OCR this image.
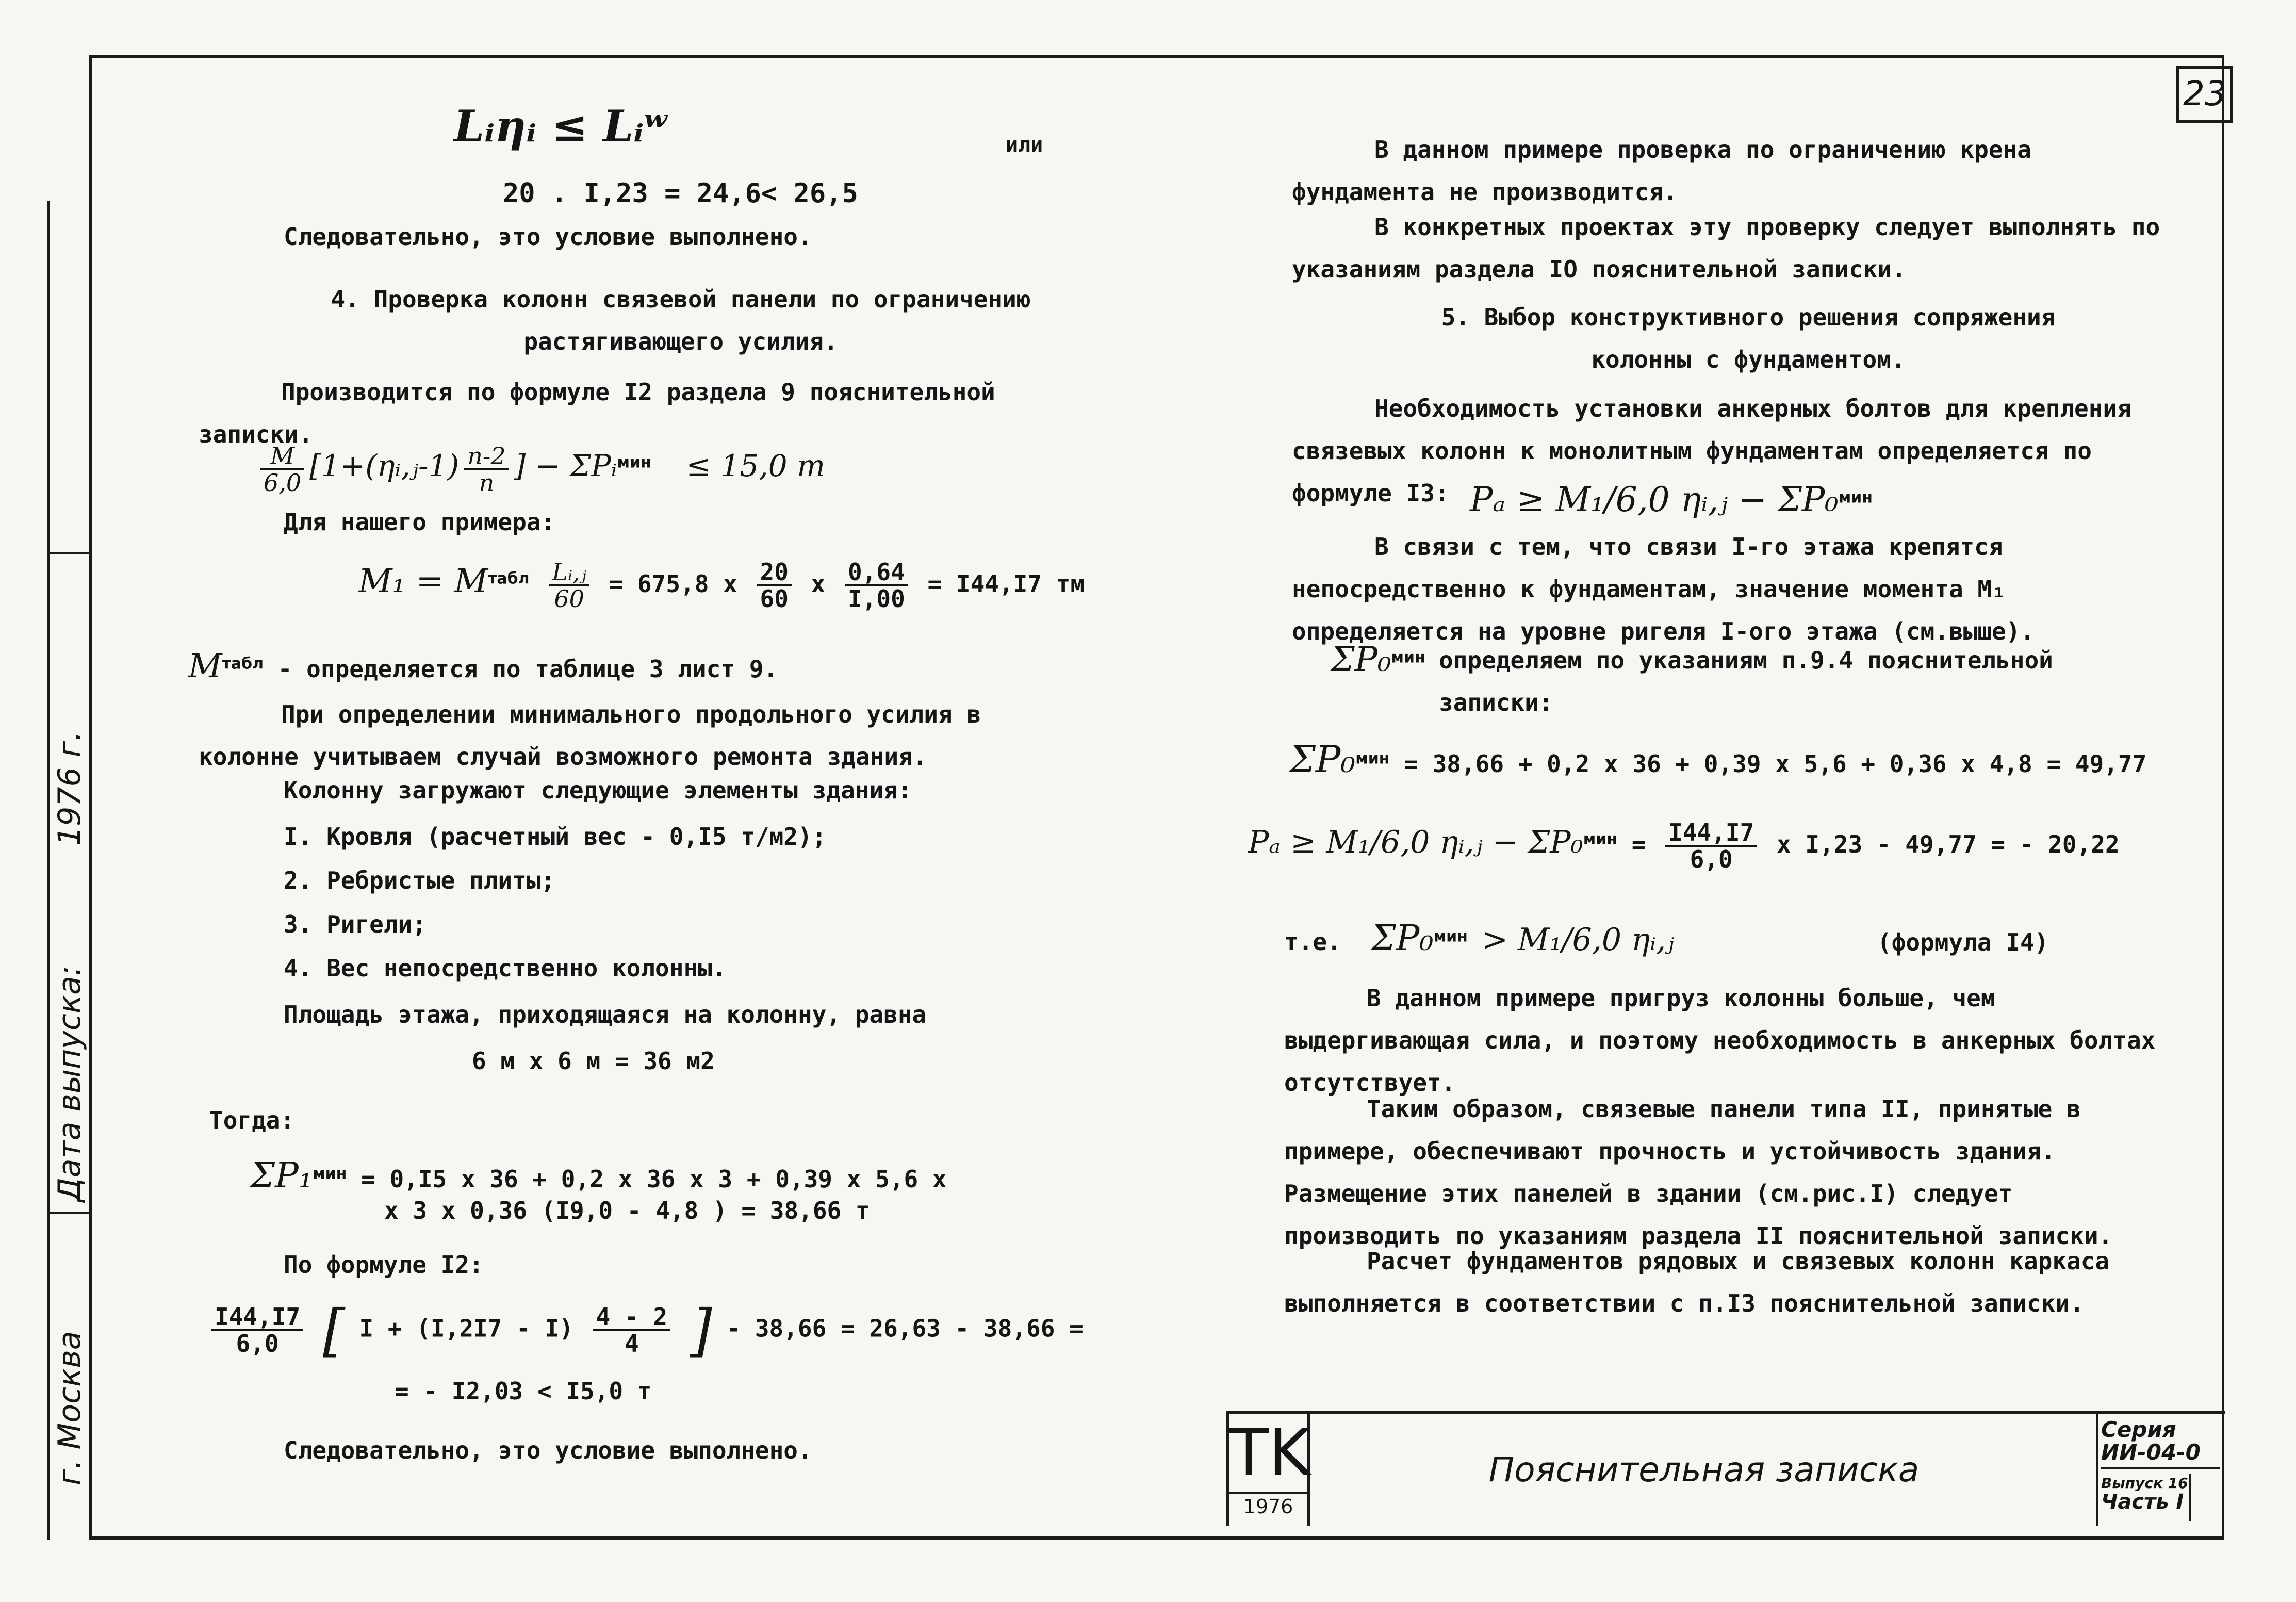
Дата выпуска:
1976 г.
г. Москва
23
Lᵢηᵢ ≤ Lᵢʷ	или
20 . I,23 = 24,6< 26,5
Следовательно, это условие выполнено.
4. Проверка колонн связевой панели по ограничению растягивающего усилия.
Производится по формуле I2 раздела 9 пояснительной записки.
$\frac{M}{6,0}$ [1+(ηᵢ,ⱼ-1) $\frac{n-2}{n}$ ] − ΣPᵢ$^{мин}$ ≤ 15,0 т
Для нашего примера:
$M_1 = M^{табл} \frac{\text{Lᵢ,ⱼ}}{60} = 675,8$ x $\frac{20}{60}$ x $\frac{0,64}{I,00} = I44,I7$ тм
$M^{табл}$ - определяется по таблице 3 лист 9.
При определении минимального продольного усилия в колонне учитываем случай возможного ремонта здания.
Колонну загружают следующие элементы здания:
I. Кровля (расчетный вес - 0,I5 т/м2);
2. Ребристые плиты;
3. Ригели;
4. Вес непосредственно колонны.
Площадь этажа, приходящаяся на колонну, равна
6 м x 6 м = 36 м2
Тогда:
ΣP₁$^{мин}$ = 0,I5 x 36 + 0,2 x 36 x 3 + 0,39 x 5,6 x
x 3 x 0,36 (I9,0 - 4,8 ) = 38,66 т
По формуле I2:
$\frac{I44,I7}{6,0}$ [ $I + (I,2I7 - I) \frac{4 - 2}{4}$ ] - 38,66 = 26,63 - 38,66 =
= - I2,03 < I5,0 т
Следовательно, это условие выполнено.
В данном примере проверка по ограничению крена фундамента не производится.
В конкретных проектах эту проверку следует выполнять по указаниям раздела IO пояснительной записки.
5. Выбор конструктивного решения сопряжения колонны с фундаментом.
Необходимость установки анкерных болтов для крепления связевых колонн к монолитным фундаментам определяется по формуле I3: Pₐ ≥ M₁/6,0 ηᵢ,ⱼ − ΣP₀$^{мин}$
В связи с тем, что связи I-го этажа крепятся непосредственно к фундаментам, значение момента M₁ определяется на уровне ригеля I-ого этажа (см.выше).
ΣP₀$^{мин}$ определяем по указаниям п.9.4 пояснительной записки:
ΣP₀$^{мин}$ = 38,66 + 0,2 x 36 + 0,39 x 5,6 + 0,36 x 4,8 = 49,77
Pₐ ≥ M₁/6,0 ηᵢ,ⱼ − $\Sigma P_0^{мин} = \frac{I44,I7}{6,0}$ x I,23 - 49,77 = - 20,22
т.е. ΣP₀$^{мин}$ > M₁/6,0 ηᵢ,ⱼ	(формула I4)
В данном примере пригруз колонны больше, чем выдергивающая сила, и поэтому необходимость в анкерных болтах отсутствует.
Таким образом, связевые панели типа II, принятые в примере, обеспечивают прочность и устойчивость здания. Размещение этих панелей в здании (см.рис.I) следует производить по указаниям раздела II пояснительной записки.
Расчет фундаментов рядовых и связевых колонн каркаса выполняется в соответствии с п.I3 пояснительной записки.
TK
1976
Пояснительная записка
Серия
ИИ-04-0
Выпуск 16
Часть I
